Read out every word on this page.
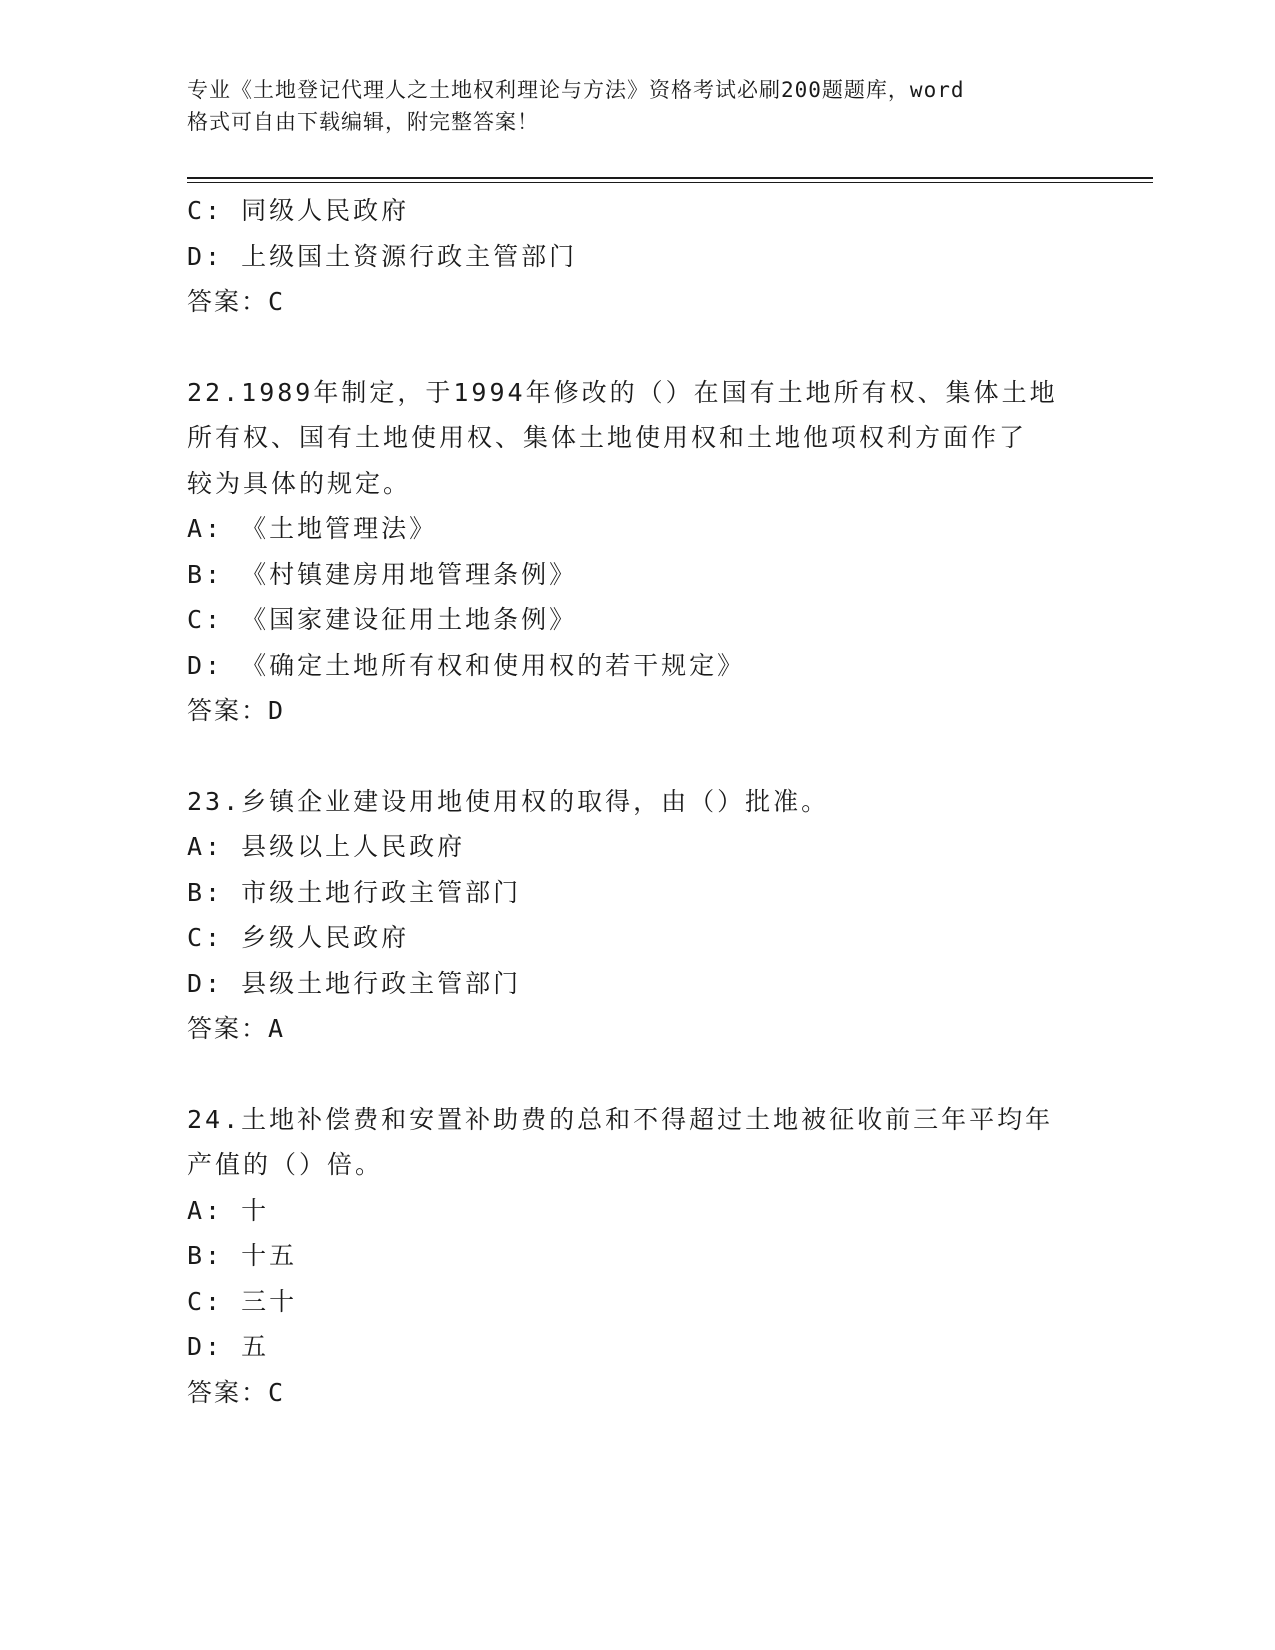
专业《土地登记代理人之土地权利理论与方法》资格考试必刷200题题库，word
格式可自由下载编辑，附完整答案！
C: 同级人民政府
D: 上级国土资源行政主管部门
答案：C
22.1989年制定，于1994年修改的（）在国有土地所有权、集体土地
所有权、国有土地使用权、集体土地使用权和土地他项权利方面作了
较为具体的规定。
A: 《土地管理法》
B: 《村镇建房用地管理条例》
C: 《国家建设征用土地条例》
D: 《确定土地所有权和使用权的若干规定》
答案：D
23.乡镇企业建设用地使用权的取得，由（）批准。
A: 县级以上人民政府
B: 市级土地行政主管部门
C: 乡级人民政府
D: 县级土地行政主管部门
答案：A
24.土地补偿费和安置补助费的总和不得超过土地被征收前三年平均年
产值的（）倍。
A: 十
B: 十五
C: 三十
D: 五
答案：C
